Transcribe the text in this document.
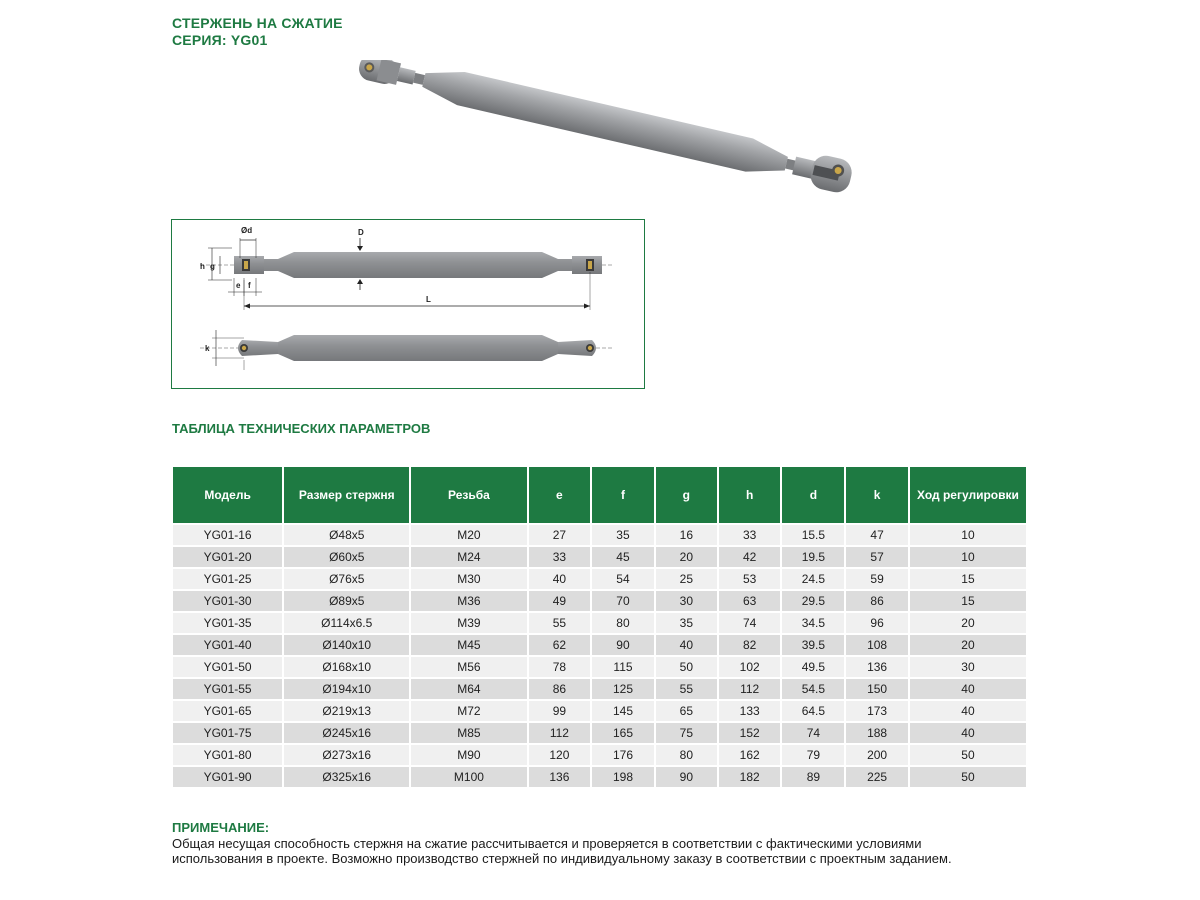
СТЕРЖЕНЬ НА СЖАТИЕ
СЕРИЯ: YG01
Ød	D
h g
e f
L
k
ТАБЛИЦА ТЕХНИЧЕСКИХ ПАРАМЕТРОВ
Модель	Размер стержня	Резьба	e	f	g	h	d	k	Ход регулировки
YG01-16	Ø48x5	M20	27	35	16	33	15.5	47	10
YG01-20	Ø60x5	M24	33	45	20	42	19.5	57	10
YG01-25	Ø76x5	M30	40	54	25	53	24.5	59	15
YG01-30	Ø89x5	M36	49	70	30	63	29.5	86	15
YG01-35	Ø114x6.5	M39	55	80	35	74	34.5	96	20
YG01-40	Ø140x10	M45	62	90	40	82	39.5	108	20
YG01-50	Ø168x10	M56	78	115	50	102	49.5	136	30
YG01-55	Ø194x10	M64	86	125	55	112	54.5	150	40
YG01-65	Ø219x13	M72	99	145	65	133	64.5	173	40
YG01-75	Ø245x16	M85	112	165	75	152	74	188	40
YG01-80	Ø273x16	M90	120	176	80	162	79	200	50
YG01-90	Ø325x16	M100	136	198	90	182	89	225	50
ПРИМЕЧАНИЕ:
Общая несущая способность стержня на сжатие рассчитывается и проверяется в соответствии с фактическими условиями использования в проекте. Возможно производство стержней по индивидуальному заказу в соответствии с проектным заданием.
